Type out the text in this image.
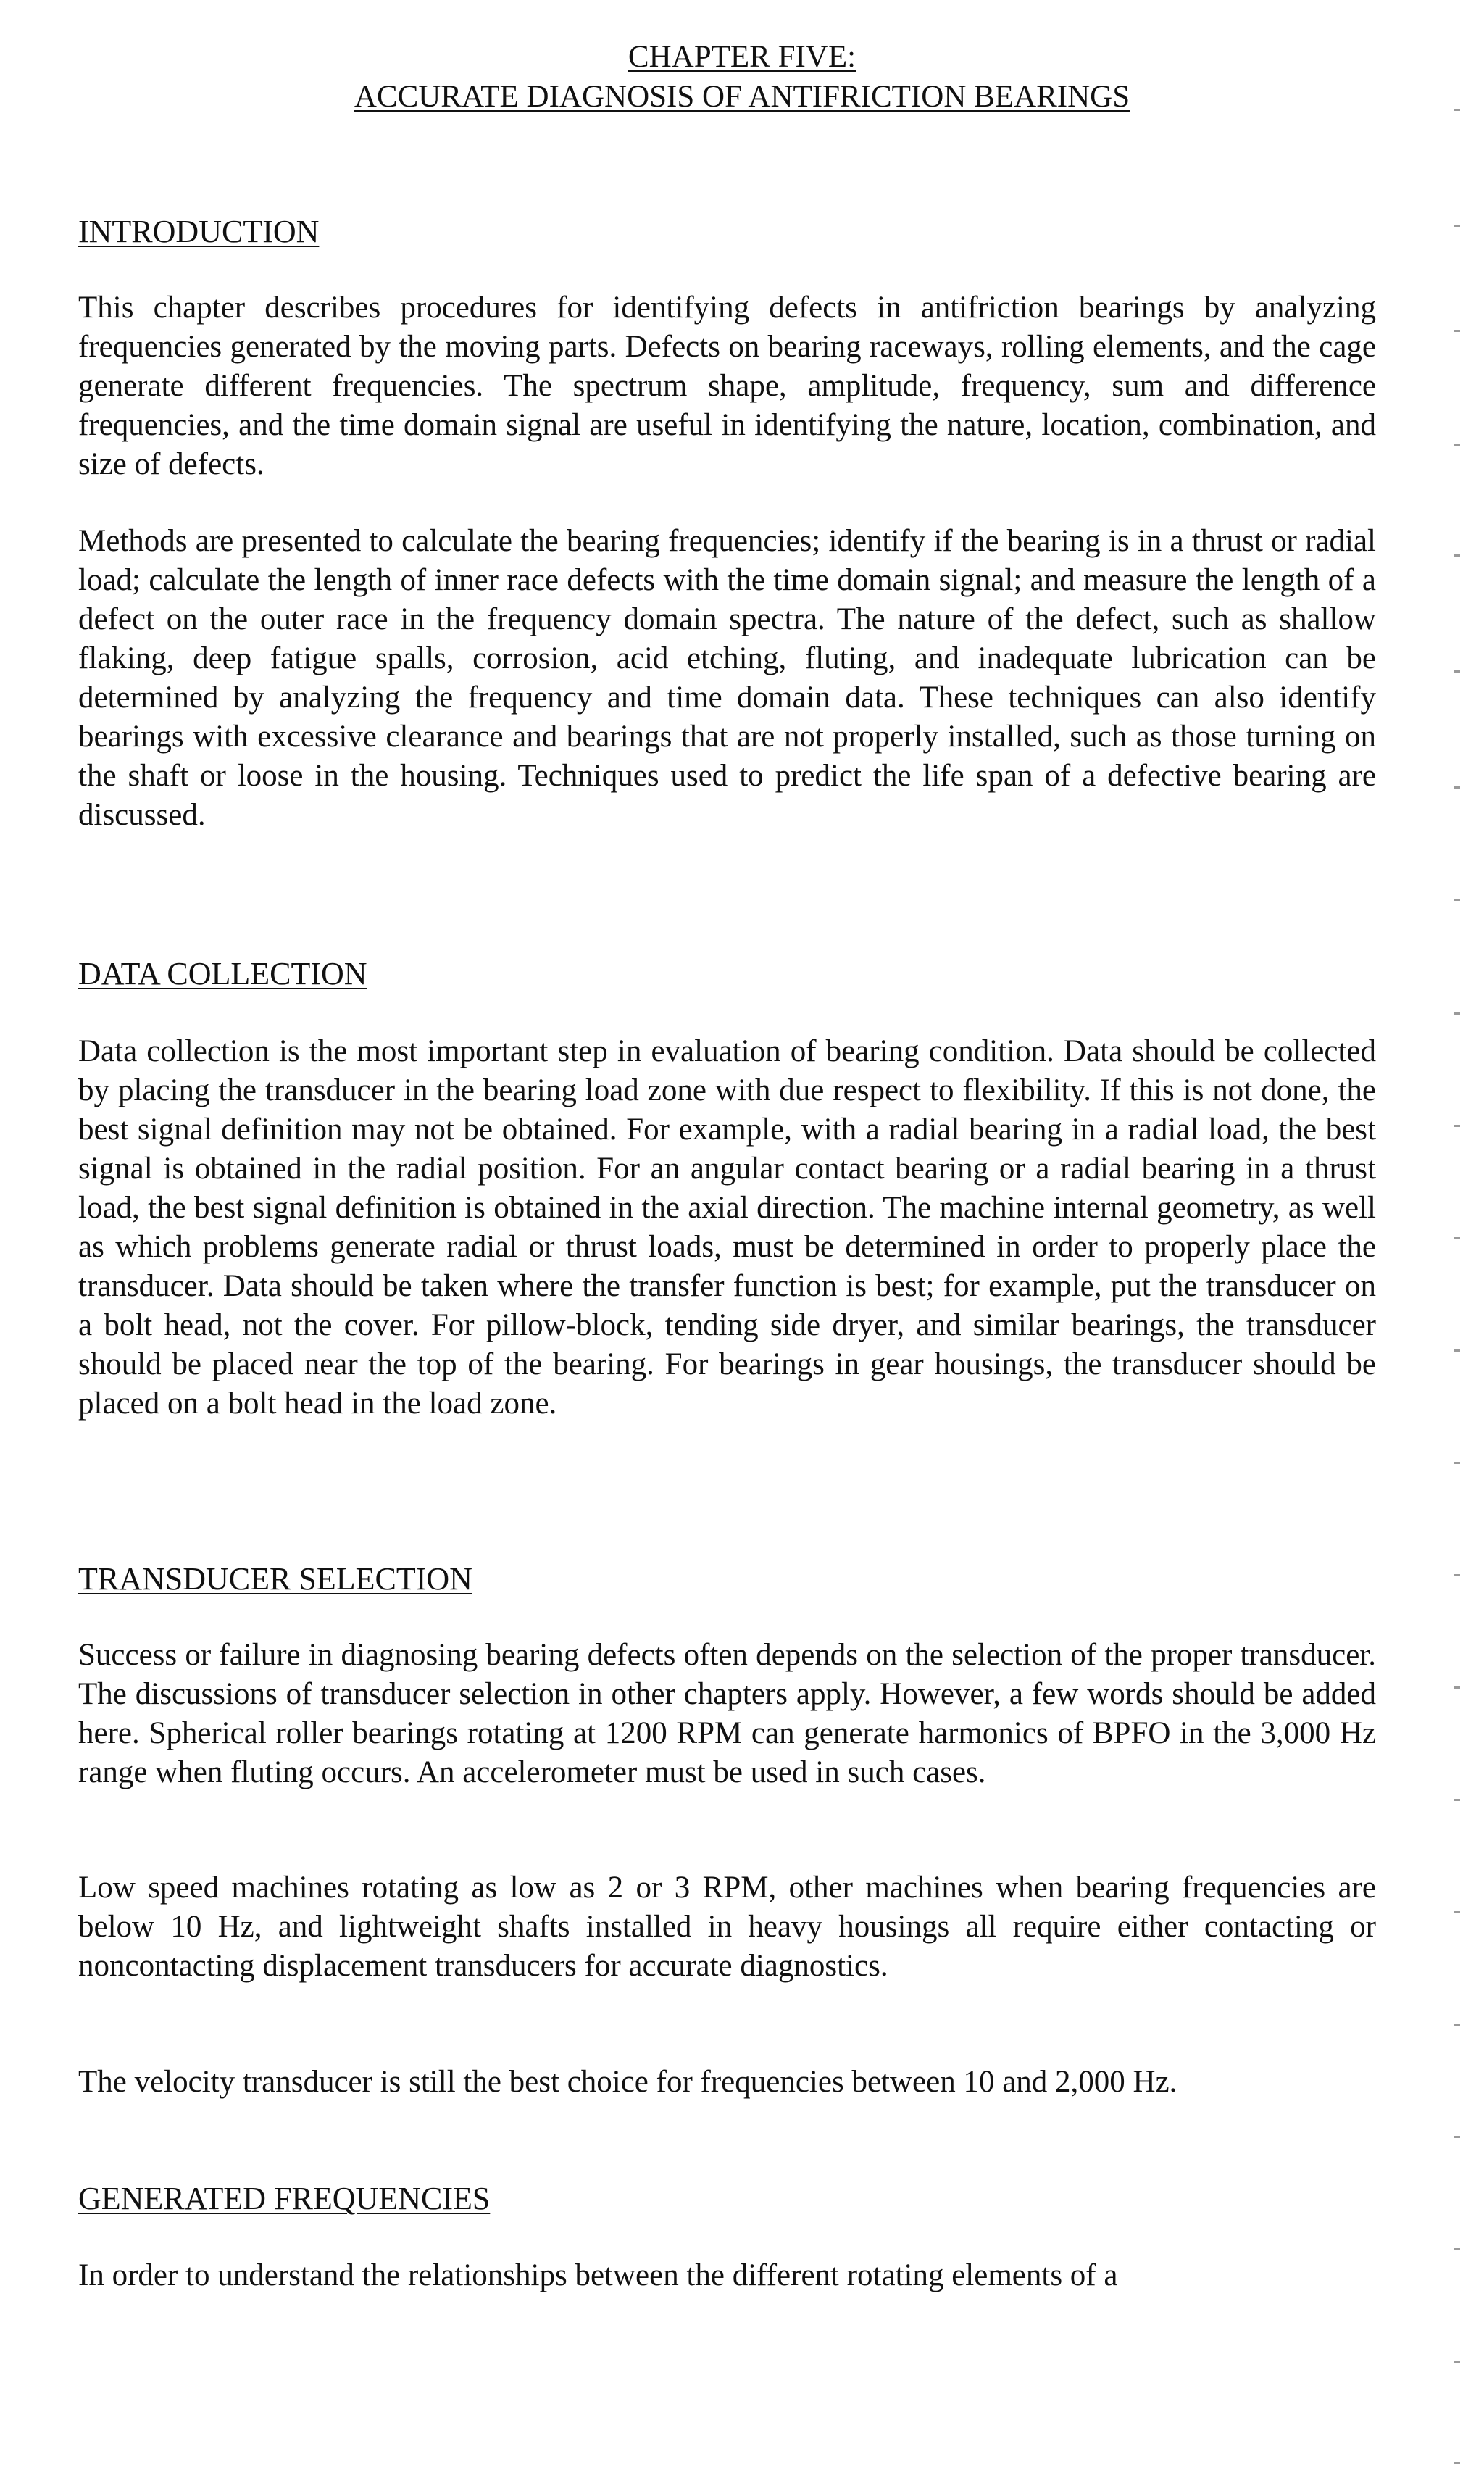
CHAPTER FIVE:
ACCURATE DIAGNOSIS OF ANTIFRICTION BEARINGS
INTRODUCTION
This chapter describes procedures for identifying defects in antifriction bearings by analyzing frequencies generated by the moving parts. Defects on bearing raceways, rolling elements, and the cage generate different frequencies. The spectrum shape, amplitude, frequency, sum and difference frequencies, and the time domain signal are useful in identifying the nature, location, combination, and size of defects.
Methods are presented to calculate the bearing frequencies; identify if the bearing is in a thrust or radial load; calculate the length of inner race defects with the time domain signal; and measure the length of a defect on the outer race in the frequency domain spectra. The nature of the defect, such as shallow flaking, deep fatigue spalls, corrosion, acid etching, fluting, and inadequate lubrication can be determined by analyzing the frequency and time domain data. These techniques can also identify bearings with excessive clearance and bearings that are not properly installed, such as those turning on the shaft or loose in the housing. Techniques used to predict the life span of a defective bearing are discussed.
DATA COLLECTION
Data collection is the most important step in evaluation of bearing condition. Data should be collected by placing the transducer in the bearing load zone with due respect to flexibility. If this is not done, the best signal definition may not be obtained. For example, with a radial bearing in a radial load, the best signal is obtained in the radial position. For an angular contact bearing or a radial bearing in a thrust load, the best signal definition is obtained in the axial direction. The machine internal geometry, as well as which problems generate radial or thrust loads, must be determined in order to properly place the transducer. Data should be taken where the transfer function is best; for example, put the transducer on a bolt head, not the cover. For pillow-block, tending side dryer, and similar bearings, the transducer should be placed near the top of the bearing. For bearings in gear housings, the transducer should be placed on a bolt head in the load zone.
TRANSDUCER SELECTION
Success or failure in diagnosing bearing defects often depends on the selection of the proper transducer. The discussions of transducer selection in other chapters apply. However, a few words should be added here. Spherical roller bearings rotating at 1200 RPM can generate harmonics of BPFO in the 3,000 Hz range when fluting occurs. An accelerometer must be used in such cases.
Low speed machines rotating as low as 2 or 3 RPM, other machines when bearing frequencies are below 10 Hz, and lightweight shafts installed in heavy housings all require either contacting or noncontacting displacement transducers for accurate diagnostics.
The velocity transducer is still the best choice for frequencies between 10 and 2,000 Hz.
GENERATED FREQUENCIES
In order to understand the relationships between the different rotating elements of a
